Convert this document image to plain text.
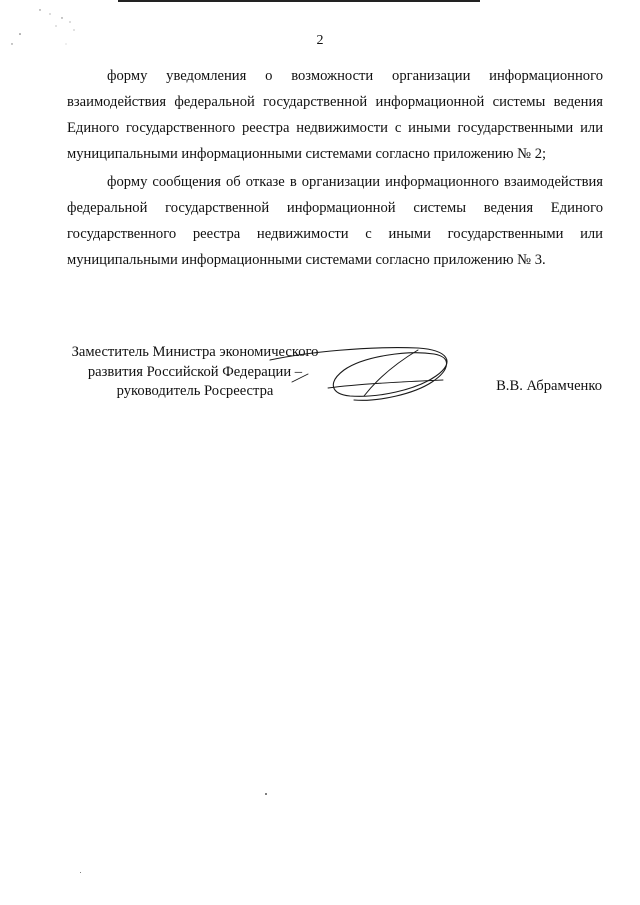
2

форму уведомления о возможности организации информационного взаимодействия федеральной государственной информационной системы ведения Единого государственного реестра недвижимости с иными государственными или муниципальными информационными системами согласно приложению № 2;

форму сообщения об отказе в организации информационного взаимодействия федеральной государственной информационной системы ведения Единого государственного реестра недвижимости с иными государственными или муниципальными информационными системами согласно приложению № 3.

Заместитель Министра экономического
развития Российской Федерации –
руководитель Росреестра	В.В. Абрамченко
